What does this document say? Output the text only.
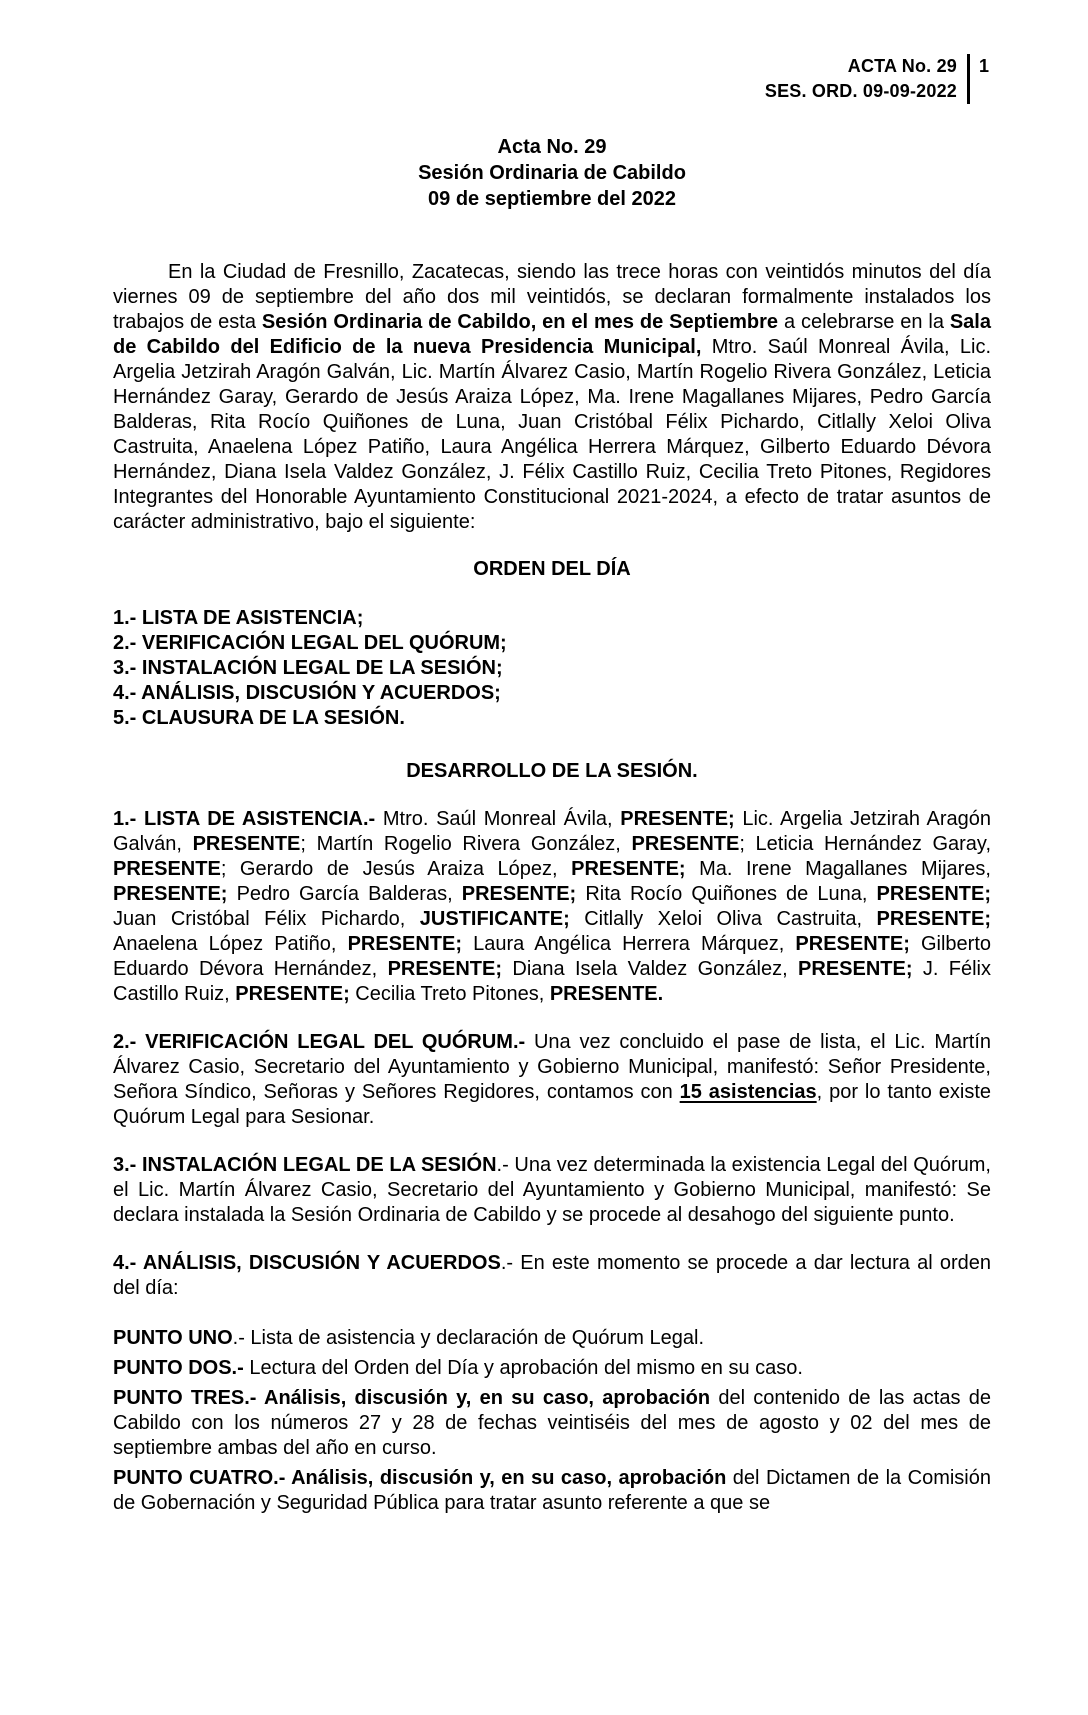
ACTA No. 29
SES. ORD. 09-09-2022
1
Acta No. 29
Sesión Ordinaria de Cabildo
09 de septiembre del 2022

En la Ciudad de Fresnillo, Zacatecas, siendo las trece horas con veintidós minutos del día viernes 09 de septiembre del año dos mil veintidós, se declaran formalmente instalados los trabajos de esta Sesión Ordinaria de Cabildo, en el mes de Septiembre a celebrarse en la Sala de Cabildo del Edificio de la nueva Presidencia Municipal, Mtro. Saúl Monreal Ávila, Lic. Argelia Jetzirah Aragón Galván, Lic. Martín Álvarez Casio, Martín Rogelio Rivera González, Leticia Hernández Garay, Gerardo de Jesús Araiza López, Ma. Irene Magallanes Mijares, Pedro García Balderas, Rita Rocío Quiñones de Luna, Juan Cristóbal Félix Pichardo, Citlally Xeloi Oliva Castruita, Anaelena López Patiño, Laura Angélica Herrera Márquez, Gilberto Eduardo Dévora Hernández, Diana Isela Valdez González, J. Félix Castillo Ruiz, Cecilia Treto Pitones, Regidores Integrantes del Honorable Ayuntamiento Constitucional 2021-2024, a efecto de tratar asuntos de carácter administrativo, bajo el siguiente:

ORDEN DEL DÍA
1.- LISTA DE ASISTENCIA;
2.- VERIFICACIÓN LEGAL DEL QUÓRUM;
3.- INSTALACIÓN LEGAL DE LA SESIÓN;
4.- ANÁLISIS, DISCUSIÓN Y ACUERDOS;
5.- CLAUSURA DE LA SESIÓN.
DESARROLLO DE LA SESIÓN.

1.- LISTA DE ASISTENCIA.- Mtro. Saúl Monreal Ávila, PRESENTE; Lic. Argelia Jetzirah Aragón Galván, PRESENTE; Martín Rogelio Rivera González, PRESENTE; Leticia Hernández Garay, PRESENTE; Gerardo de Jesús Araiza López, PRESENTE; Ma. Irene Magallanes Mijares, PRESENTE; Pedro García Balderas, PRESENTE; Rita Rocío Quiñones de Luna, PRESENTE; Juan Cristóbal Félix Pichardo, JUSTIFICANTE; Citlally Xeloi Oliva Castruita, PRESENTE; Anaelena López Patiño, PRESENTE; Laura Angélica Herrera Márquez, PRESENTE; Gilberto Eduardo Dévora Hernández, PRESENTE; Diana Isela Valdez González, PRESENTE; J. Félix Castillo Ruiz, PRESENTE; Cecilia Treto Pitones, PRESENTE.

2.- VERIFICACIÓN LEGAL DEL QUÓRUM.- Una vez concluido el pase de lista, el Lic. Martín Álvarez Casio, Secretario del Ayuntamiento y Gobierno Municipal, manifestó: Señor Presidente, Señora Síndico, Señoras y Señores Regidores, contamos con 15 asistencias, por lo tanto existe Quórum Legal para Sesionar.

3.- INSTALACIÓN LEGAL DE LA SESIÓN.- Una vez determinada la existencia Legal del Quórum, el Lic. Martín Álvarez Casio, Secretario del Ayuntamiento y Gobierno Municipal, manifestó: Se declara instalada la Sesión Ordinaria de Cabildo y se procede al desahogo del siguiente punto.

4.- ANÁLISIS, DISCUSIÓN Y ACUERDOS.- En este momento se procede a dar lectura al orden del día:

PUNTO UNO.- Lista de asistencia y declaración de Quórum Legal.

PUNTO DOS.- Lectura del Orden del Día y aprobación del mismo en su caso.

PUNTO TRES.- Análisis, discusión y, en su caso, aprobación del contenido de las actas de Cabildo con los números 27 y 28 de fechas veintiséis del mes de agosto y 02 del mes de septiembre ambas del año en curso.

PUNTO CUATRO.- Análisis, discusión y, en su caso, aprobación del Dictamen de la Comisión de Gobernación y Seguridad Pública para tratar asunto referente a que se
